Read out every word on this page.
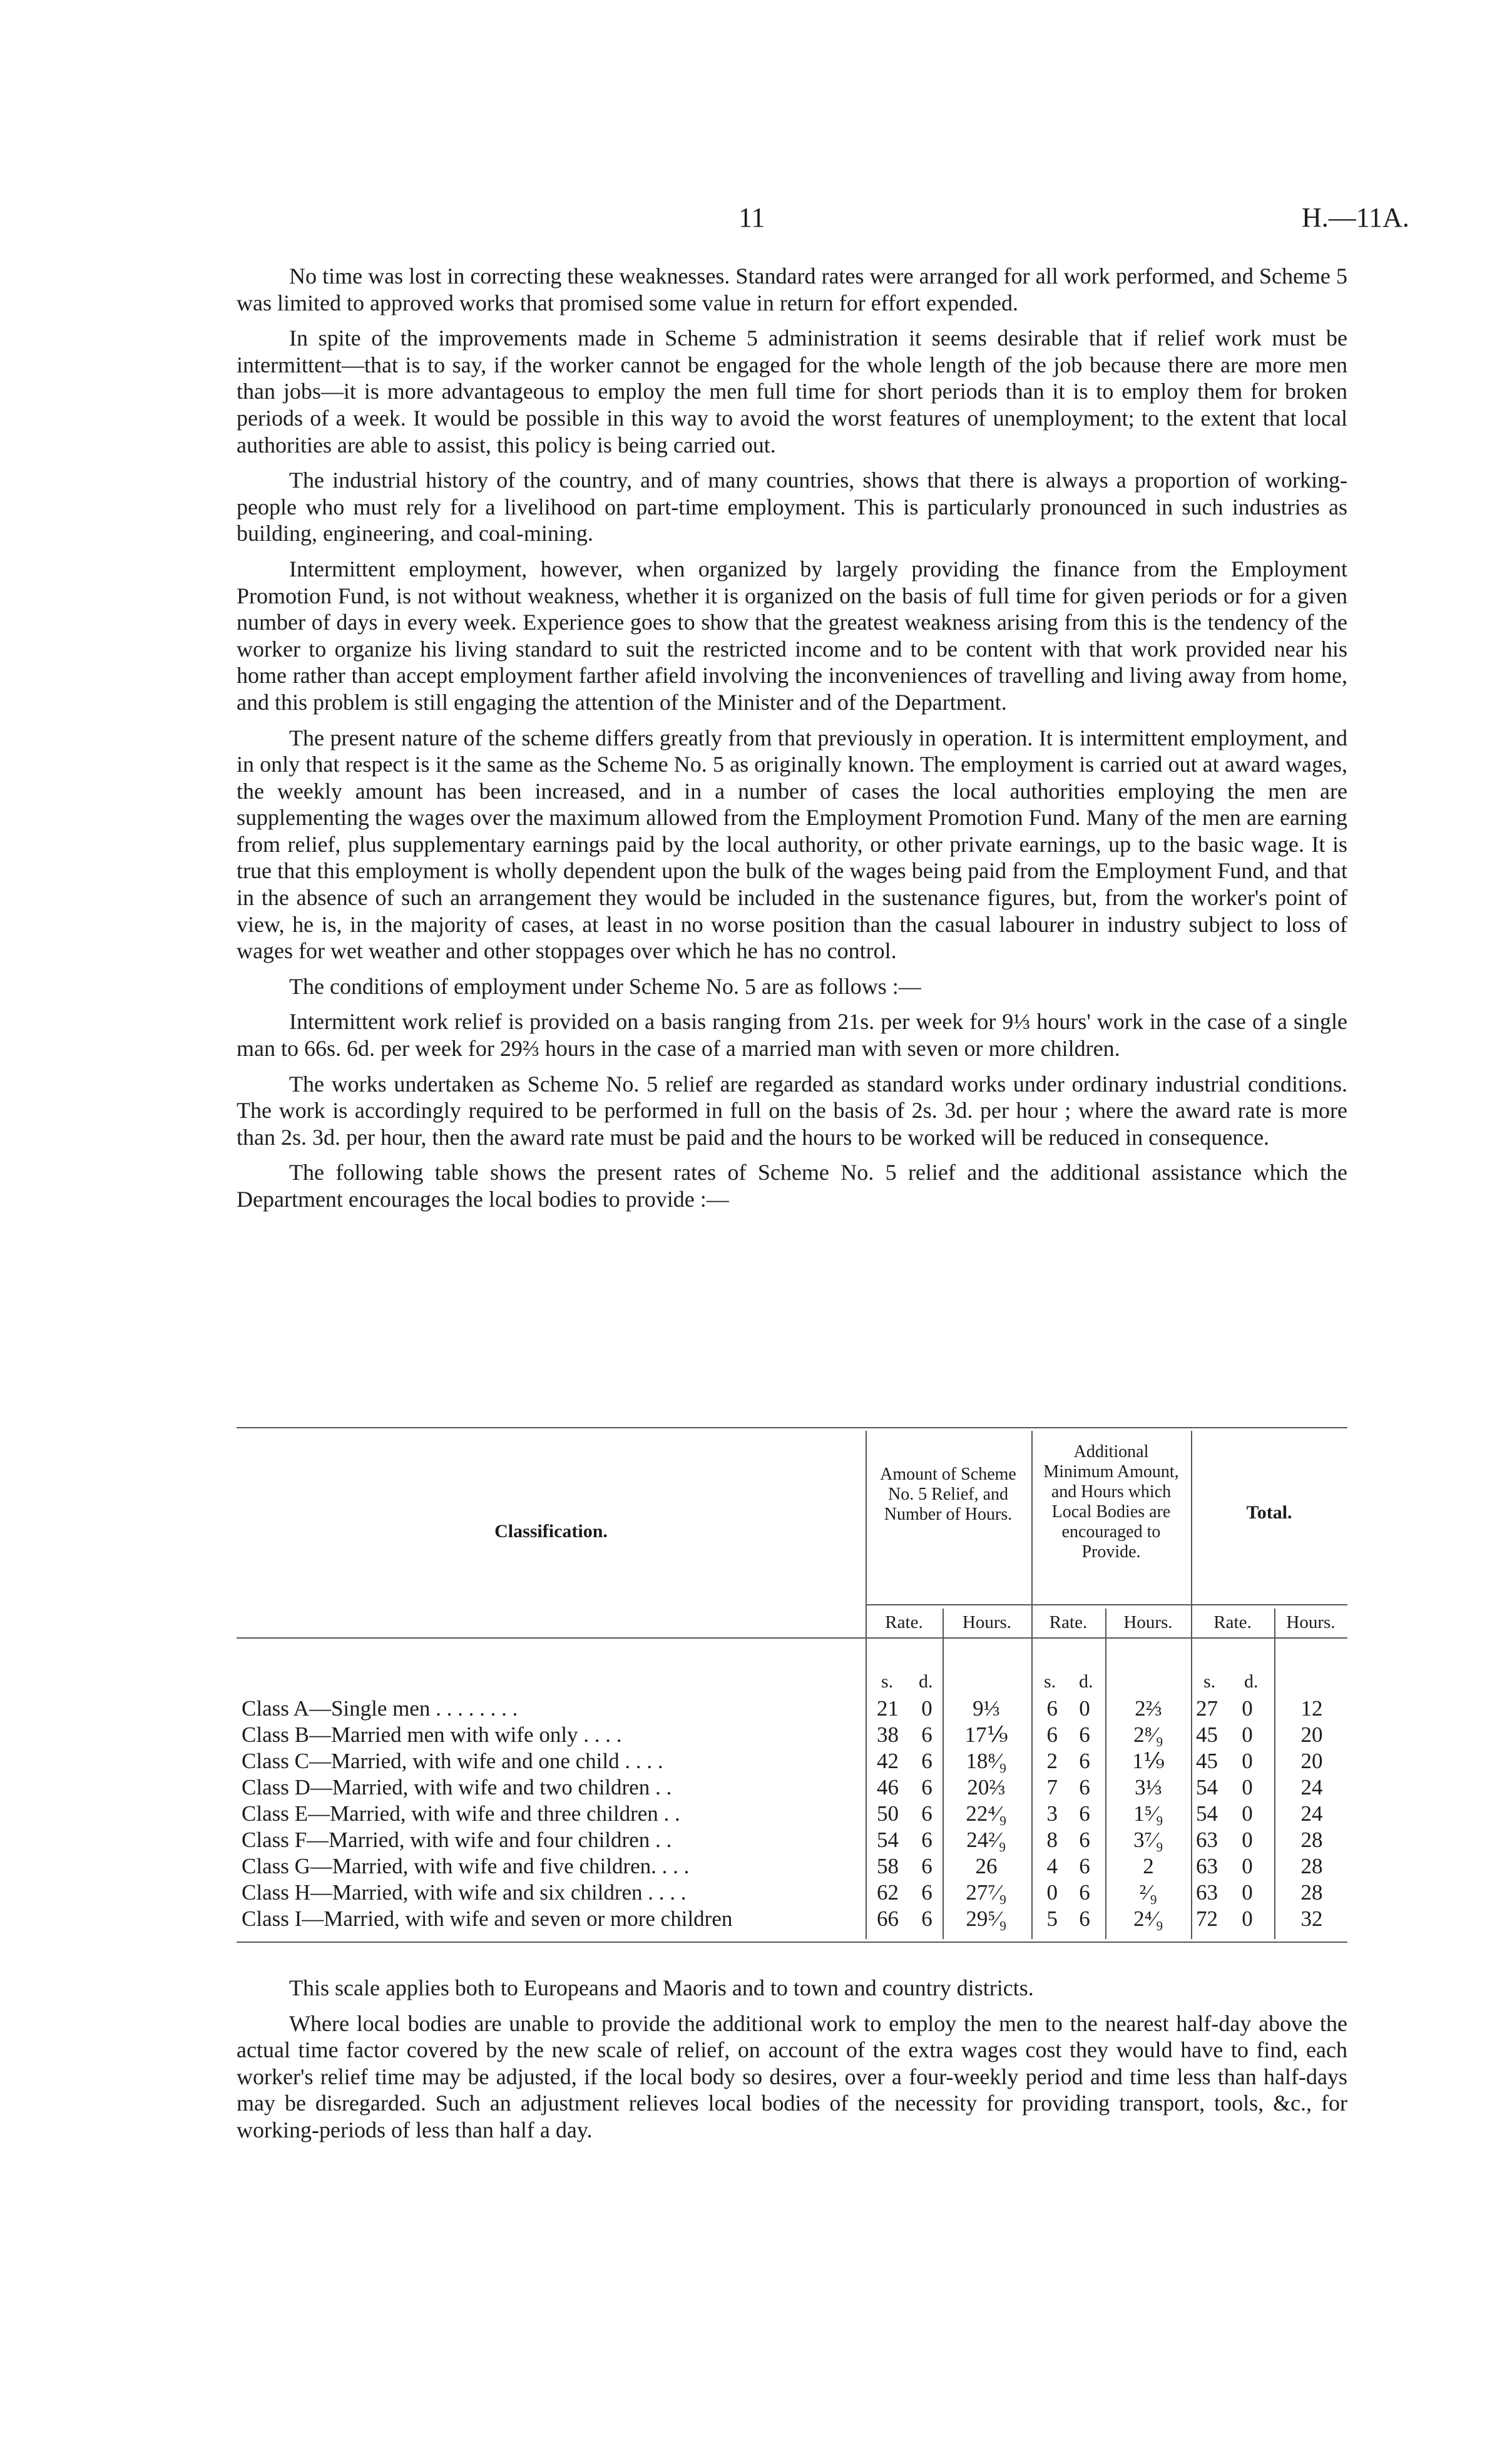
11	H.—11A.

No time was lost in correcting these weaknesses. Standard rates were arranged for all work performed, and Scheme 5 was limited to approved works that promised some value in return for effort expended.

In spite of the improvements made in Scheme 5 administration it seems desirable that if relief work must be intermittent—that is to say, if the worker cannot be engaged for the whole length of the job because there are more men than jobs—it is more advantageous to employ the men full time for short periods than it is to employ them for broken periods of a week. It would be possible in this way to avoid the worst features of unemployment; to the extent that local authorities are able to assist, this policy is being carried out.

The industrial history of the country, and of many countries, shows that there is always a proportion of working-people who must rely for a livelihood on part-time employment. This is particularly pronounced in such industries as building, engineering, and coal-mining.

Intermittent employment, however, when organized by largely providing the finance from the Employment Promotion Fund, is not without weakness, whether it is organized on the basis of full time for given periods or for a given number of days in every week. Experience goes to show that the greatest weakness arising from this is the tendency of the worker to organize his living standard to suit the restricted income and to be content with that work provided near his home rather than accept employment farther afield involving the inconveniences of travelling and living away from home, and this problem is still engaging the attention of the Minister and of the Department.

The present nature of the scheme differs greatly from that previously in operation. It is intermittent employment, and in only that respect is it the same as the Scheme No. 5 as originally known. The employment is carried out at award wages, the weekly amount has been increased, and in a number of cases the local authorities employing the men are supplementing the wages over the maximum allowed from the Employment Promotion Fund. Many of the men are earning from relief, plus supplementary earnings paid by the local authority, or other private earnings, up to the basic wage. It is true that this employment is wholly dependent upon the bulk of the wages being paid from the Employment Fund, and that in the absence of such an arrangement they would be included in the sustenance figures, but, from the worker's point of view, he is, in the majority of cases, at least in no worse position than the casual labourer in industry subject to loss of wages for wet weather and other stoppages over which he has no control.

The conditions of employment under Scheme No. 5 are as follows :—

Intermittent work relief is provided on a basis ranging from 21s. per week for 9⅓ hours' work in the case of a single man to 66s. 6d. per week for 29⅔ hours in the case of a married man with seven or more children.

The works undertaken as Scheme No. 5 relief are regarded as standard works under ordinary industrial conditions. The work is accordingly required to be performed in full on the basis of 2s. 3d. per hour ; where the award rate is more than 2s. 3d. per hour, then the award rate must be paid and the hours to be worked will be reduced in consequence.

The following table shows the present rates of Scheme No. 5 relief and the additional assistance which the Department encourages the local bodies to provide :—

Classification.
Amount of Scheme No. 5 Relief, and Number of Hours.
Additional Minimum Amount, and Hours which Local Bodies are encouraged to Provide.
Total.
Rate.	Hours.	Rate.	Hours.	Rate.	Hours.
s. d.	s. d.	s. d.
Class A—Single men . . . . . . . .	21 0	9⅓	6 0	2⅔	27 0	12
Class B—Married men with wife only . . . .	38 6	17⅑	6 6	2⁸⁄₉	45 0	20
Class C—Married, with wife and one child . . . .	42 6	18⁸⁄₉	2 6	1⅑	45 0	20
Class D—Married, with wife and two children . .	46 6	20⅔	7 6	3⅓	54 0	24
Class E—Married, with wife and three children . .	50 6	22⁴⁄₉	3 6	1⁵⁄₉	54 0	24
Class F—Married, with wife and four children . .	54 6	24²⁄₉	8 6	3⁷⁄₉	63 0	28
Class G—Married, with wife and five children. . . .	58 6	26	4 6	2	63 0	28
Class H—Married, with wife and six children . . . .	62 6	27⁷⁄₉	0 6	²⁄₉	63 0	28
Class I—Married, with wife and seven or more children	66 6	29⁵⁄₉	5 6	2⁴⁄₉	72 0	32

This scale applies both to Europeans and Maoris and to town and country districts.

Where local bodies are unable to provide the additional work to employ the men to the nearest half-day above the actual time factor covered by the new scale of relief, on account of the extra wages cost they would have to find, each worker's relief time may be adjusted, if the local body so desires, over a four-weekly period and time less than half-days may be disregarded. Such an adjustment relieves local bodies of the necessity for providing transport, tools, &c., for working-periods of less than half a day.
